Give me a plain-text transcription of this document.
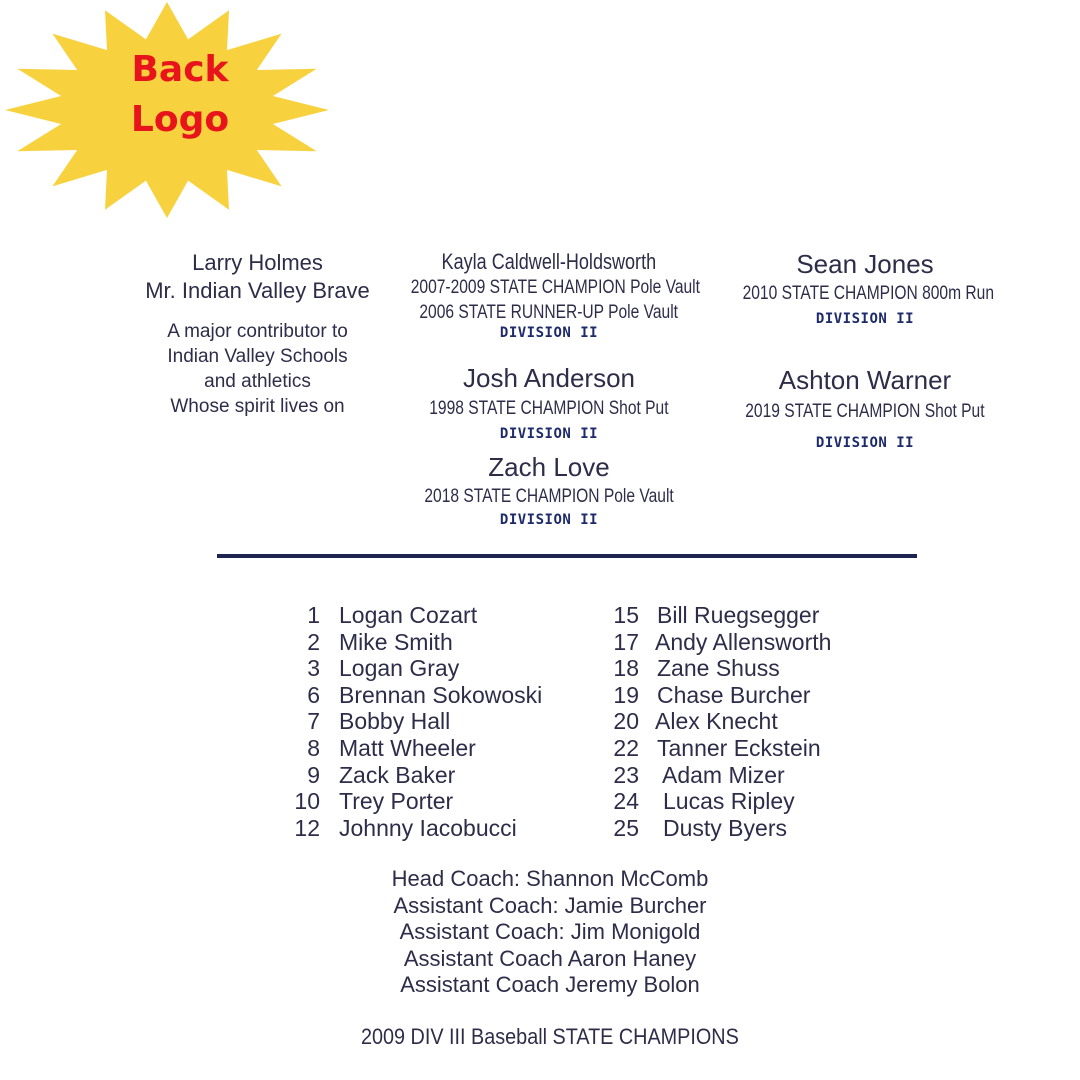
Back
Logo
Larry Holmes
Mr. Indian Valley Brave
A major contributor to
Indian Valley Schools
and athletics
Whose spirit lives on
Kayla Caldwell-Holdsworth
2007-2009 STATE CHAMPION Pole Vault
2006 STATE RUNNER-UP Pole Vault
DIVISION II
Josh Anderson
1998 STATE CHAMPION Shot Put
DIVISION II
Zach Love
2018 STATE CHAMPION Pole Vault
DIVISION II
Sean Jones
2010 STATE CHAMPION 800m Run
DIVISION II
Ashton Warner
2019 STATE CHAMPION Shot Put
DIVISION II
1 Logan Cozart
2 Mike Smith
3 Logan Gray
6 Brennan Sokowoski
7 Bobby Hall
8 Matt Wheeler
9 Zack Baker
10 Trey Porter
12 Johnny Iacobucci
15 Bill Ruegsegger
17 Andy Allensworth
18 Zane Shuss
19 Chase Burcher
20 Alex Knecht
22 Tanner Eckstein
23 Adam Mizer
24 Lucas Ripley
25 Dusty Byers
Head Coach: Shannon McComb
Assistant Coach: Jamie Burcher
Assistant Coach: Jim Monigold
Assistant Coach Aaron Haney
Assistant Coach Jeremy Bolon
2009 DIV III Baseball STATE CHAMPIONS
